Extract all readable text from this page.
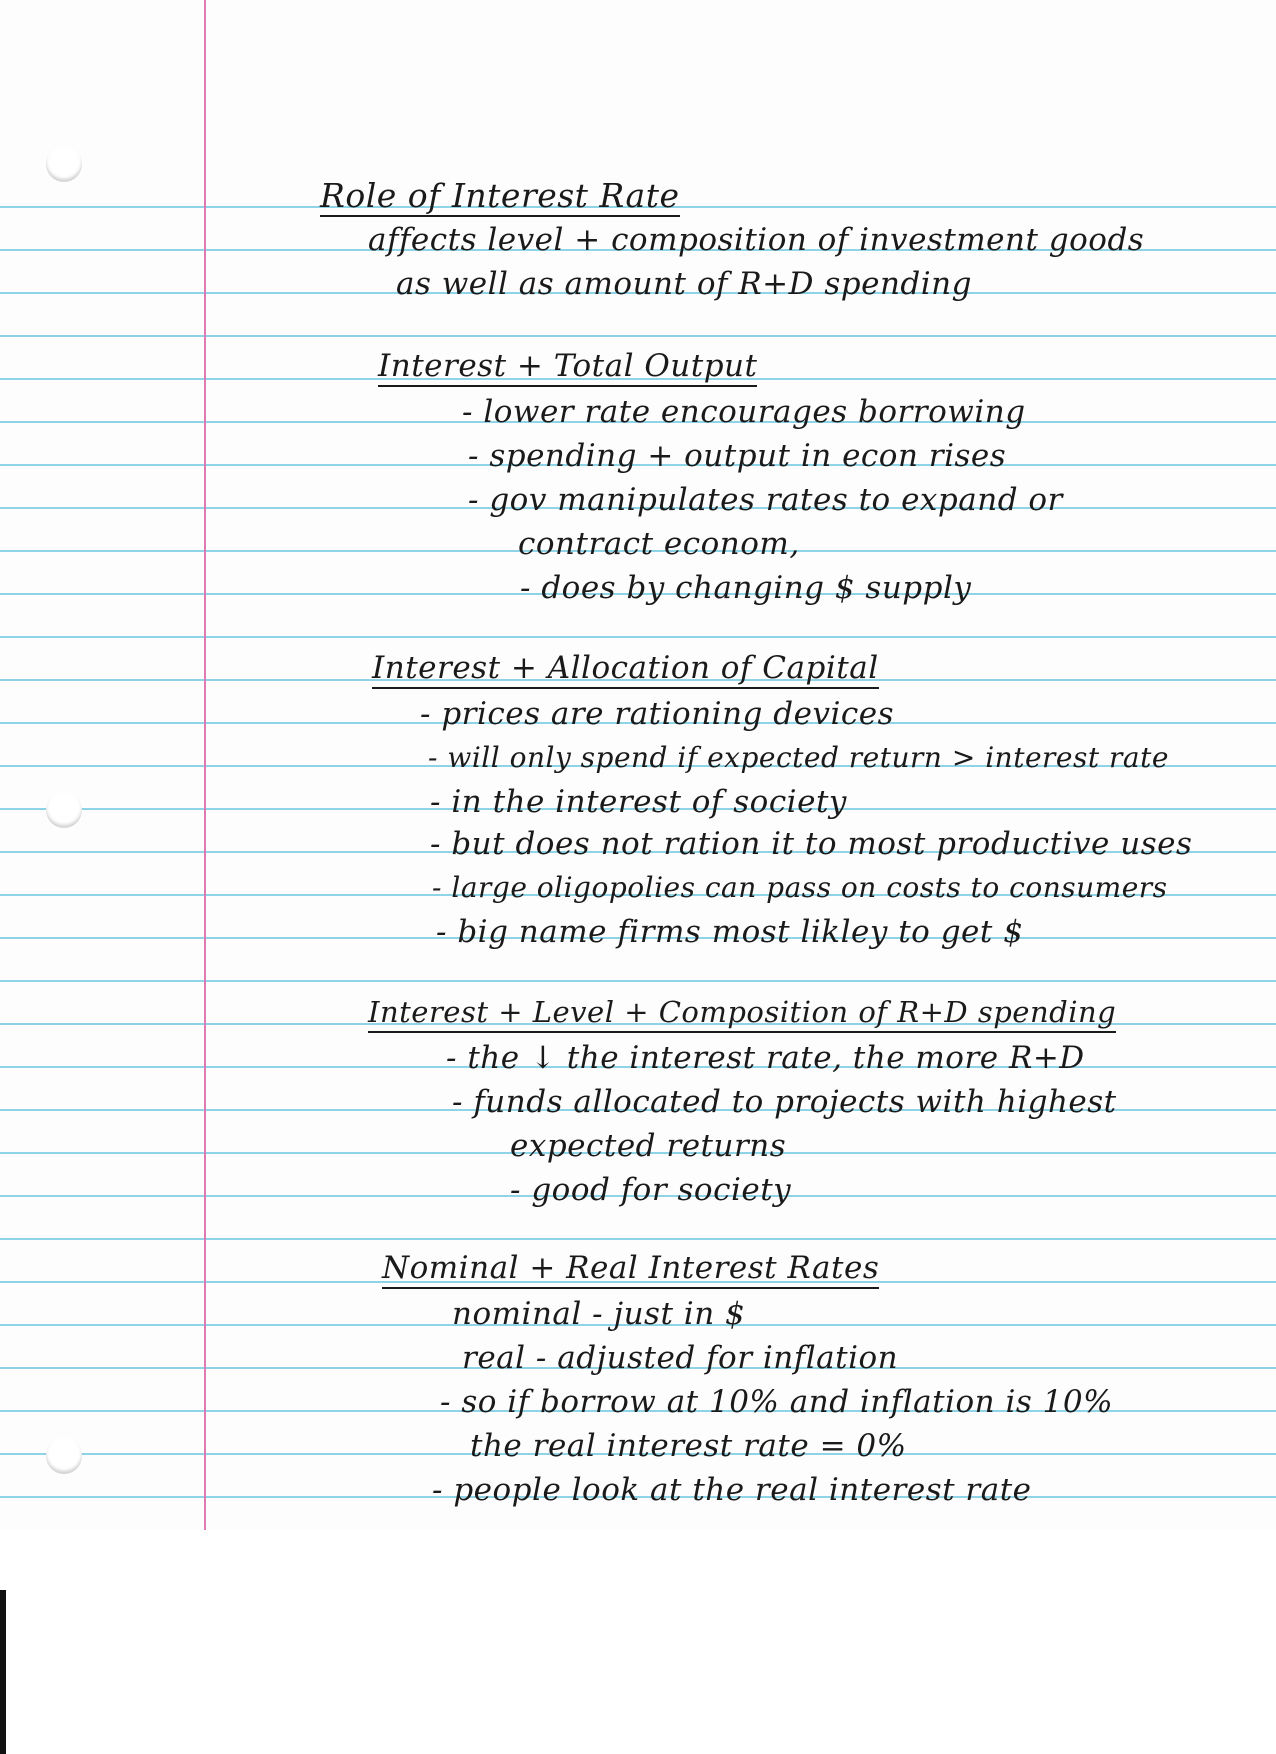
Role of Interest Rate
affects level + composition of investment goods
as well as amount of R+D spending
Interest + Total Output
- lower rate encourages borrowing
- spending + output in econ rises
- gov manipulates rates to expand or
contract econom,
- does by changing $ supply
Interest + Allocation of Capital
- prices are rationing devices
- will only spend if expected return > interest rate
- in the interest of society
- but does not ration it to most productive uses
- large oligopolies can pass on costs to consumers
- big name firms most likley to get $
Interest + Level + Composition of R+D spending
- the ↓ the interest rate, the more R+D
- funds allocated to projects with highest
expected returns
- good for society
Nominal + Real Interest Rates
nominal - just in $
real - adjusted for inflation
- so if borrow at 10% and inflation is 10%
the real interest rate = 0%
- people look at the real interest rate
